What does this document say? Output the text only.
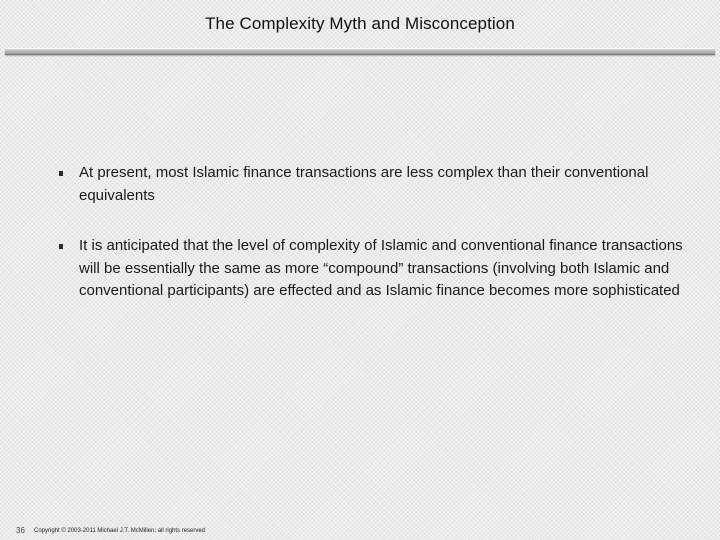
The Complexity Myth and Misconception
At present, most Islamic finance transactions are less complex than their conventional equivalents
It is anticipated that the level of complexity of Islamic and conventional finance transactions will be essentially the same as more “compound” transactions (involving both Islamic and conventional participants) are effected and as Islamic finance becomes more sophisticated
36 Copyright © 2003-2011 Michael J.T. McMillen; all rights reserved
